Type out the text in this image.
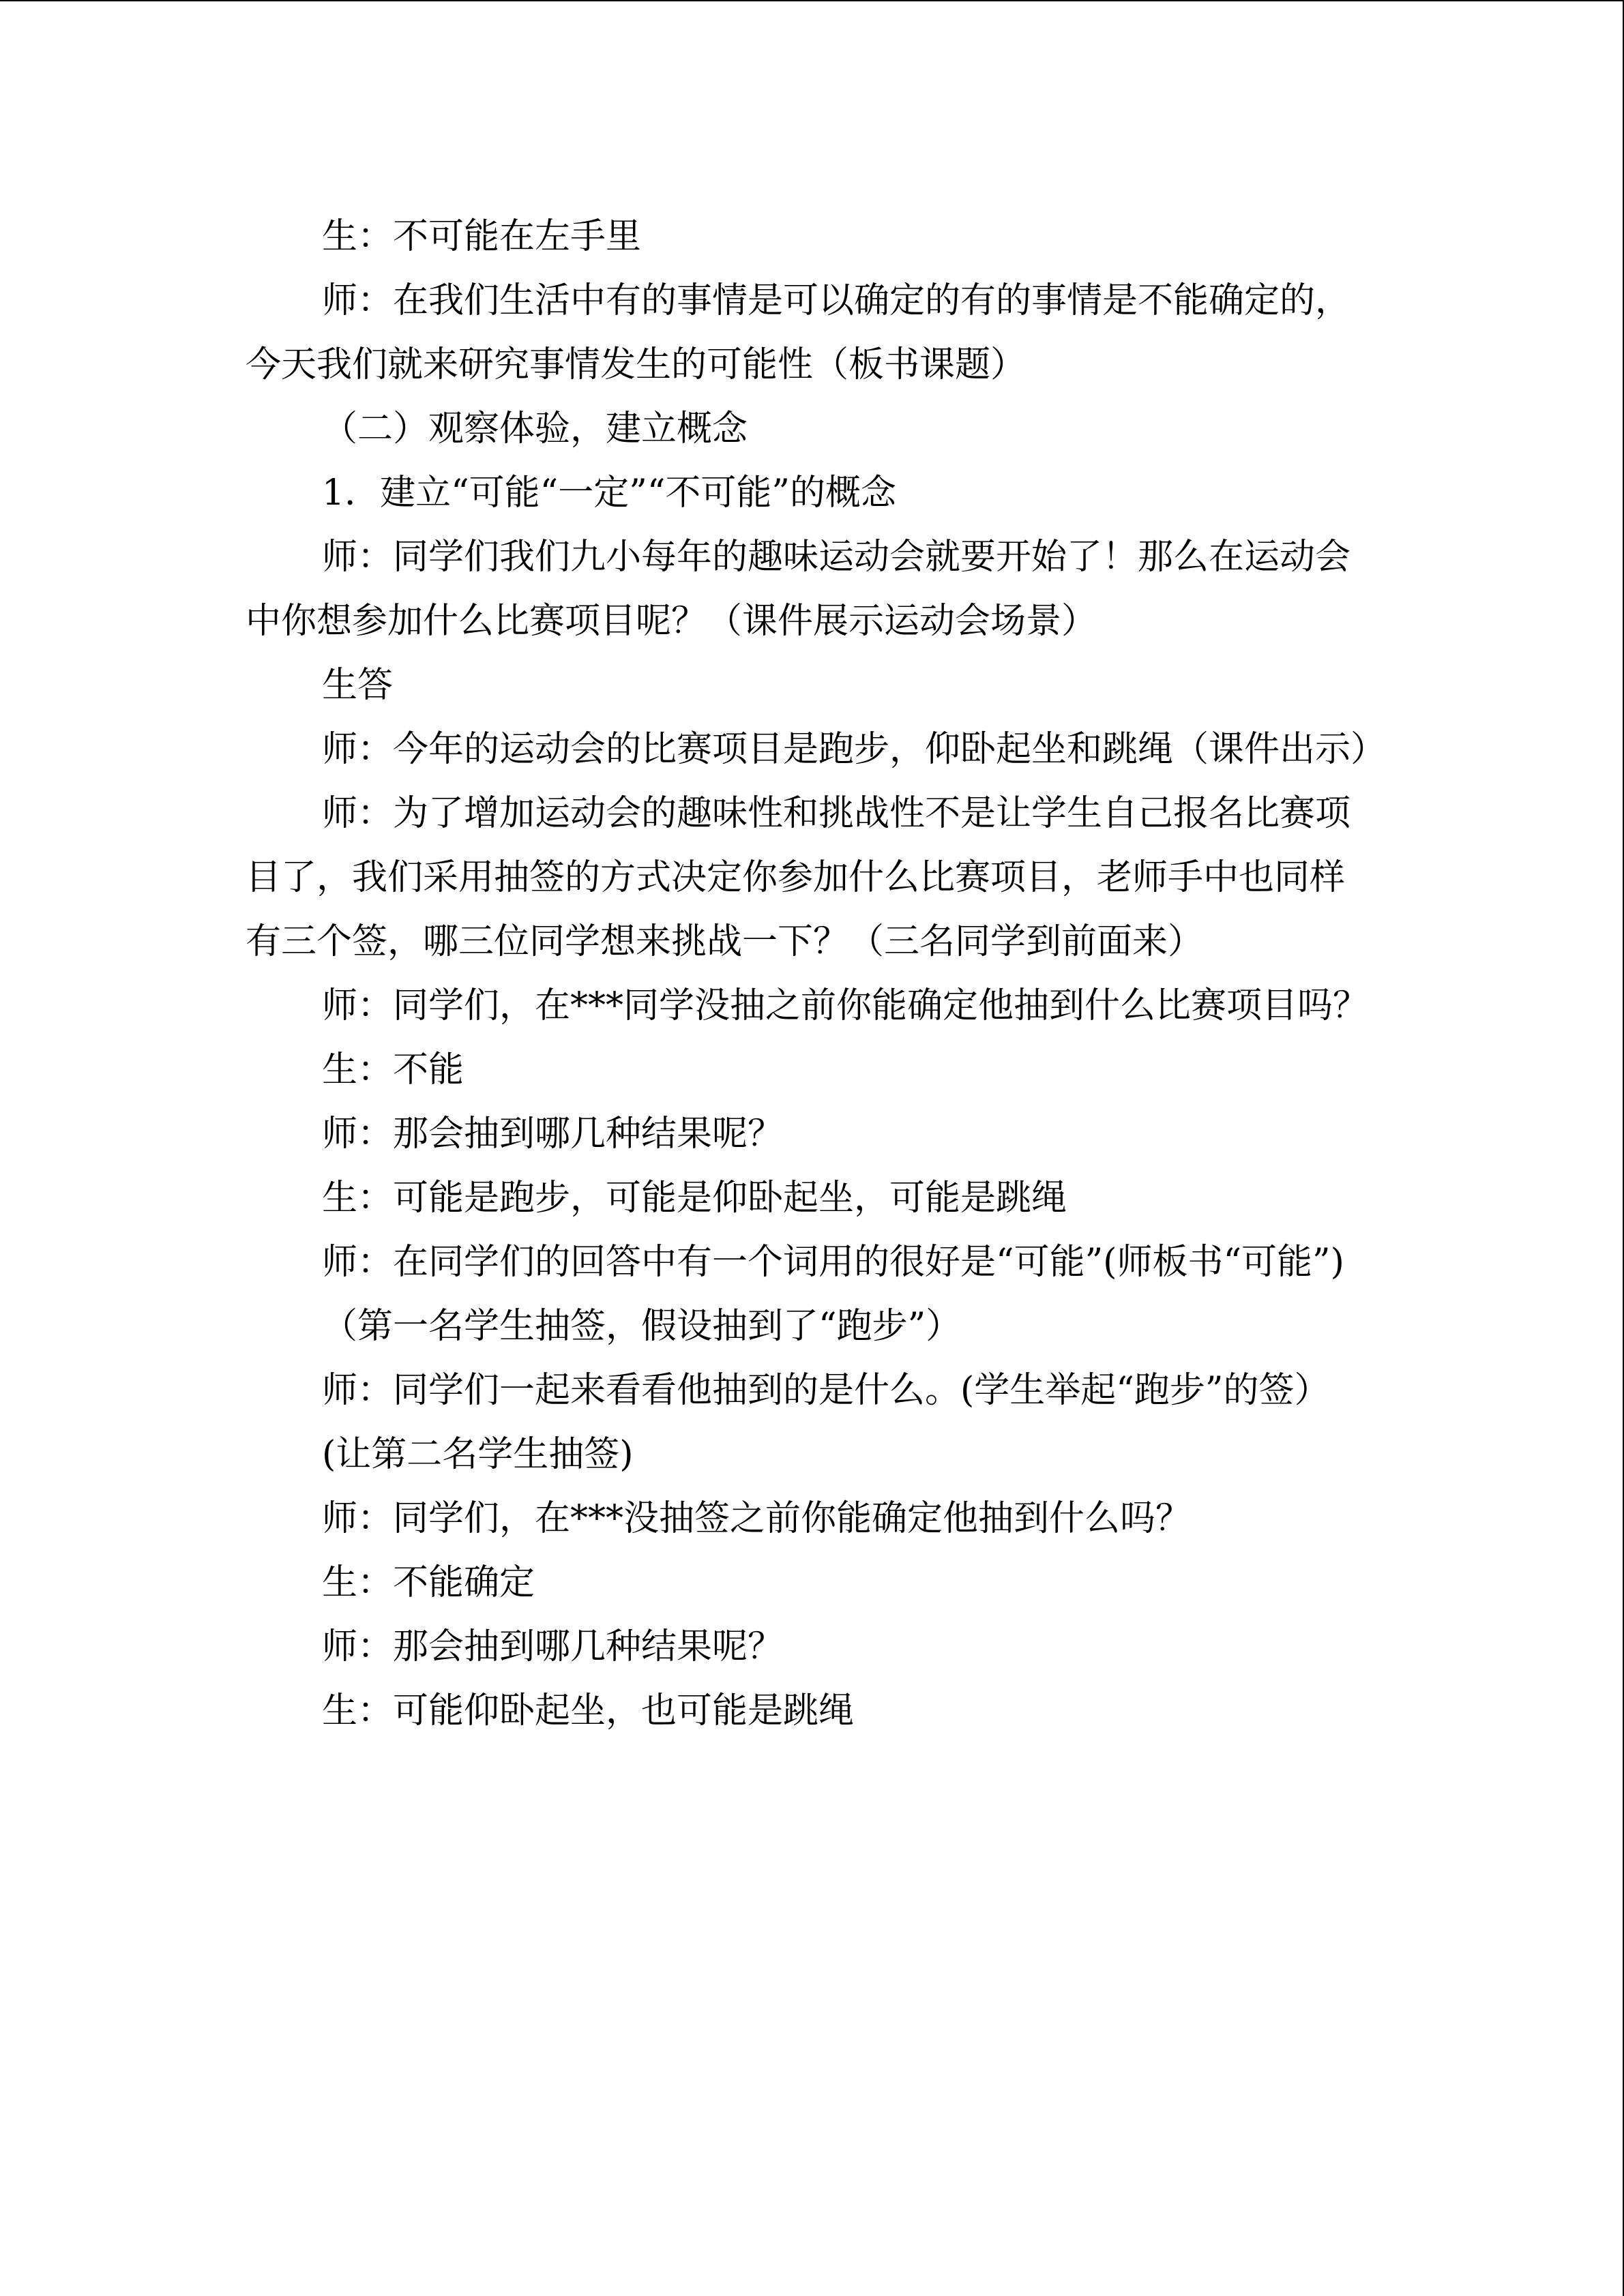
生：不可能在左手里

师：在我们生活中有的事情是可以确定的有的事情是不能确定的，今天我们就来研究事情发生的可能性（板书课题）

（二）观察体验，建立概念

1．建立“可能“一定”“不可能”的概念

师：同学们我们九小每年的趣味运动会就要开始了！那么在运动会中你想参加什么比赛项目呢？（课件展示运动会场景）

生答

师：今年的运动会的比赛项目是跑步，仰卧起坐和跳绳（课件出示）

师：为了增加运动会的趣味性和挑战性不是让学生自己报名比赛项目了，我们采用抽签的方式决定你参加什么比赛项目，老师手中也同样有三个签，哪三位同学想来挑战一下？（三名同学到前面来）

师：同学们，在***同学没抽之前你能确定他抽到什么比赛项目吗？

生：不能

师：那会抽到哪几种结果呢？

生：可能是跑步，可能是仰卧起坐，可能是跳绳

师：在同学们的回答中有一个词用的很好是“可能”(师板书“可能”)

（第一名学生抽签，假设抽到了“跑步”）

师：同学们一起来看看他抽到的是什么。(学生举起“跑步”的签）

(让第二名学生抽签)

师：同学们，在***没抽签之前你能确定他抽到什么吗？

生：不能确定

师：那会抽到哪几种结果呢？

生：可能仰卧起坐，也可能是跳绳
